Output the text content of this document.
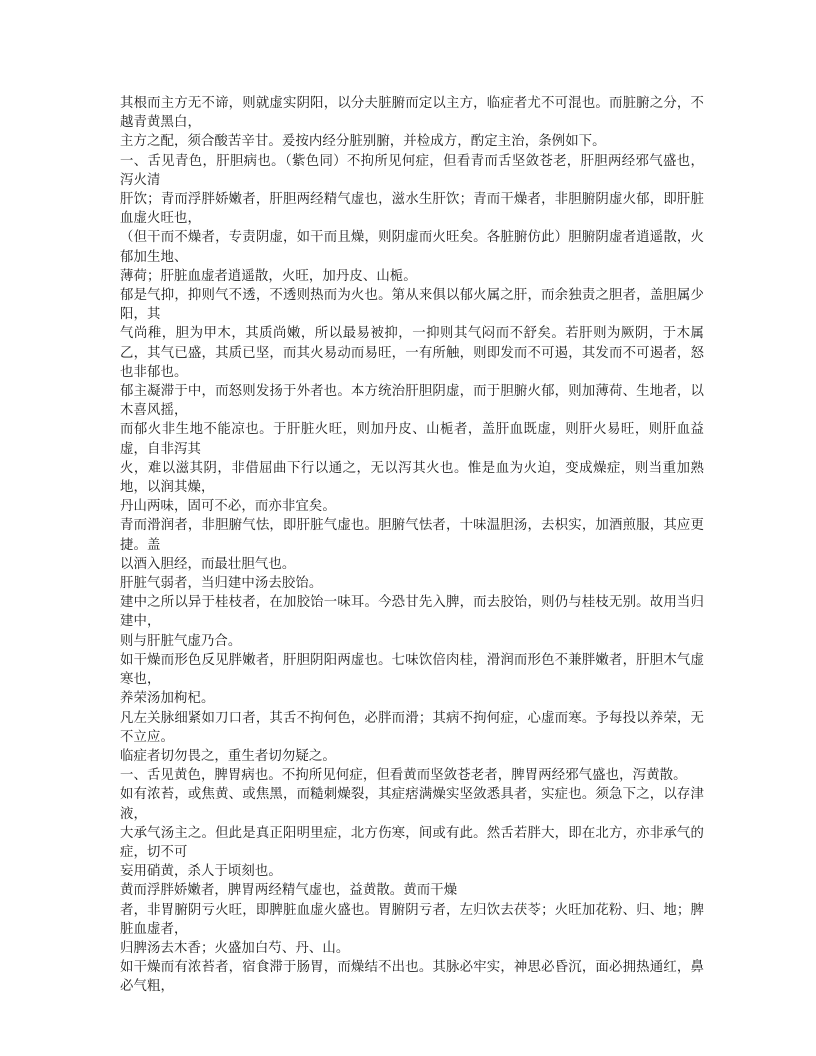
其根而主方无不谛，则就虚实阴阳，以分夫脏腑而定以主方，临症者尤不可混也。而脏腑之分，不越青黄黑白，

主方之配，须合酸苦辛甘。爰按内经分脏别腑，并检成方，酌定主治，条例如下。

一、舌见青色，肝胆病也。（紫色同）不拘所见何症，但看青而舌坚敛苍老，肝胆两经邪气盛也，泻火清

肝饮；青而浮胖娇嫩者，肝胆两经精气虚也，滋水生肝饮；青而干燥者，非胆腑阴虚火郁，即肝脏血虚火旺也，

（但干而不燥者，专责阴虚，如干而且燥，则阴虚而火旺矣。各脏腑仿此）胆腑阴虚者逍遥散，火郁加生地、

薄荷；肝脏血虚者逍遥散，火旺，加丹皮、山栀。

郁是气抑，抑则气不透，不透则热而为火也。第从来俱以郁火属之肝，而余独责之胆者，盖胆属少阳，其

气尚稚，胆为甲木，其质尚嫩，所以最易被抑，一抑则其气闷而不舒矣。若肝则为厥阴，于木属乙，其气已盛，其质已坚，而其火易动而易旺，一有所触，则即发而不可遏，其发而不可遏者，怒也非郁也。

郁主凝滞于中，而怒则发扬于外者也。本方统治肝胆阴虚，而于胆腑火郁，则加薄荷、生地者，以木喜风摇，

而郁火非生地不能凉也。于肝脏火旺，则加丹皮、山栀者，盖肝血既虚，则肝火易旺，则肝血益虚，自非泻其

火，难以滋其阴，非借屈曲下行以通之，无以泻其火也。惟是血为火迫，变成燥症，则当重加熟地，以润其燥，

丹山两味，固可不必，而亦非宜矣。

青而滑润者，非胆腑气怯，即肝脏气虚也。胆腑气怯者，十味温胆汤，去枳实，加酒煎服，其应更捷。盖

以酒入胆经，而最壮胆气也。

肝脏气弱者，当归建中汤去胶饴。

建中之所以异于桂枝者，在加胶饴一味耳。今恐甘先入脾，而去胶饴，则仍与桂枝无别。故用当归建中，

则与肝脏气虚乃合。

如干燥而形色反见胖嫩者，肝胆阴阳两虚也。七味饮倍肉桂，滑润而形色不兼胖嫩者，肝胆木气虚寒也，

养荣汤加枸杞。

凡左关脉细紧如刀口者，其舌不拘何色，必胖而滑；其病不拘何症，心虚而寒。予每投以养荣，无不立应。

临症者切勿畏之，重生者切勿疑之。

一、舌见黄色，脾胃病也。不拘所见何症，但看黄而坚敛苍老者，脾胃两经邪气盛也，泻黄散。

如有浓苔，或焦黄、或焦黑，而糙刺燥裂，其症痞满燥实坚敛悉具者，实症也。须急下之，以存津液，

大承气汤主之。但此是真正阳明里症，北方伤寒，间或有此。然舌若胖大，即在北方，亦非承气的症，切不可

妄用硝黄，杀人于顷刻也。

黄而浮胖娇嫩者，脾胃两经精气虚也，益黄散。黄而干燥

者，非胃腑阴亏火旺，即脾脏血虚火盛也。胃腑阴亏者，左归饮去茯苓；火旺加花粉、归、地；脾脏血虚者，

归脾汤去木香；火盛加白芍、丹、山。

如干燥而有浓苔者，宿食滞于肠胃，而燥结不出也。其脉必牢实，神思必昏沉，面必拥热通红，鼻必气粗，
